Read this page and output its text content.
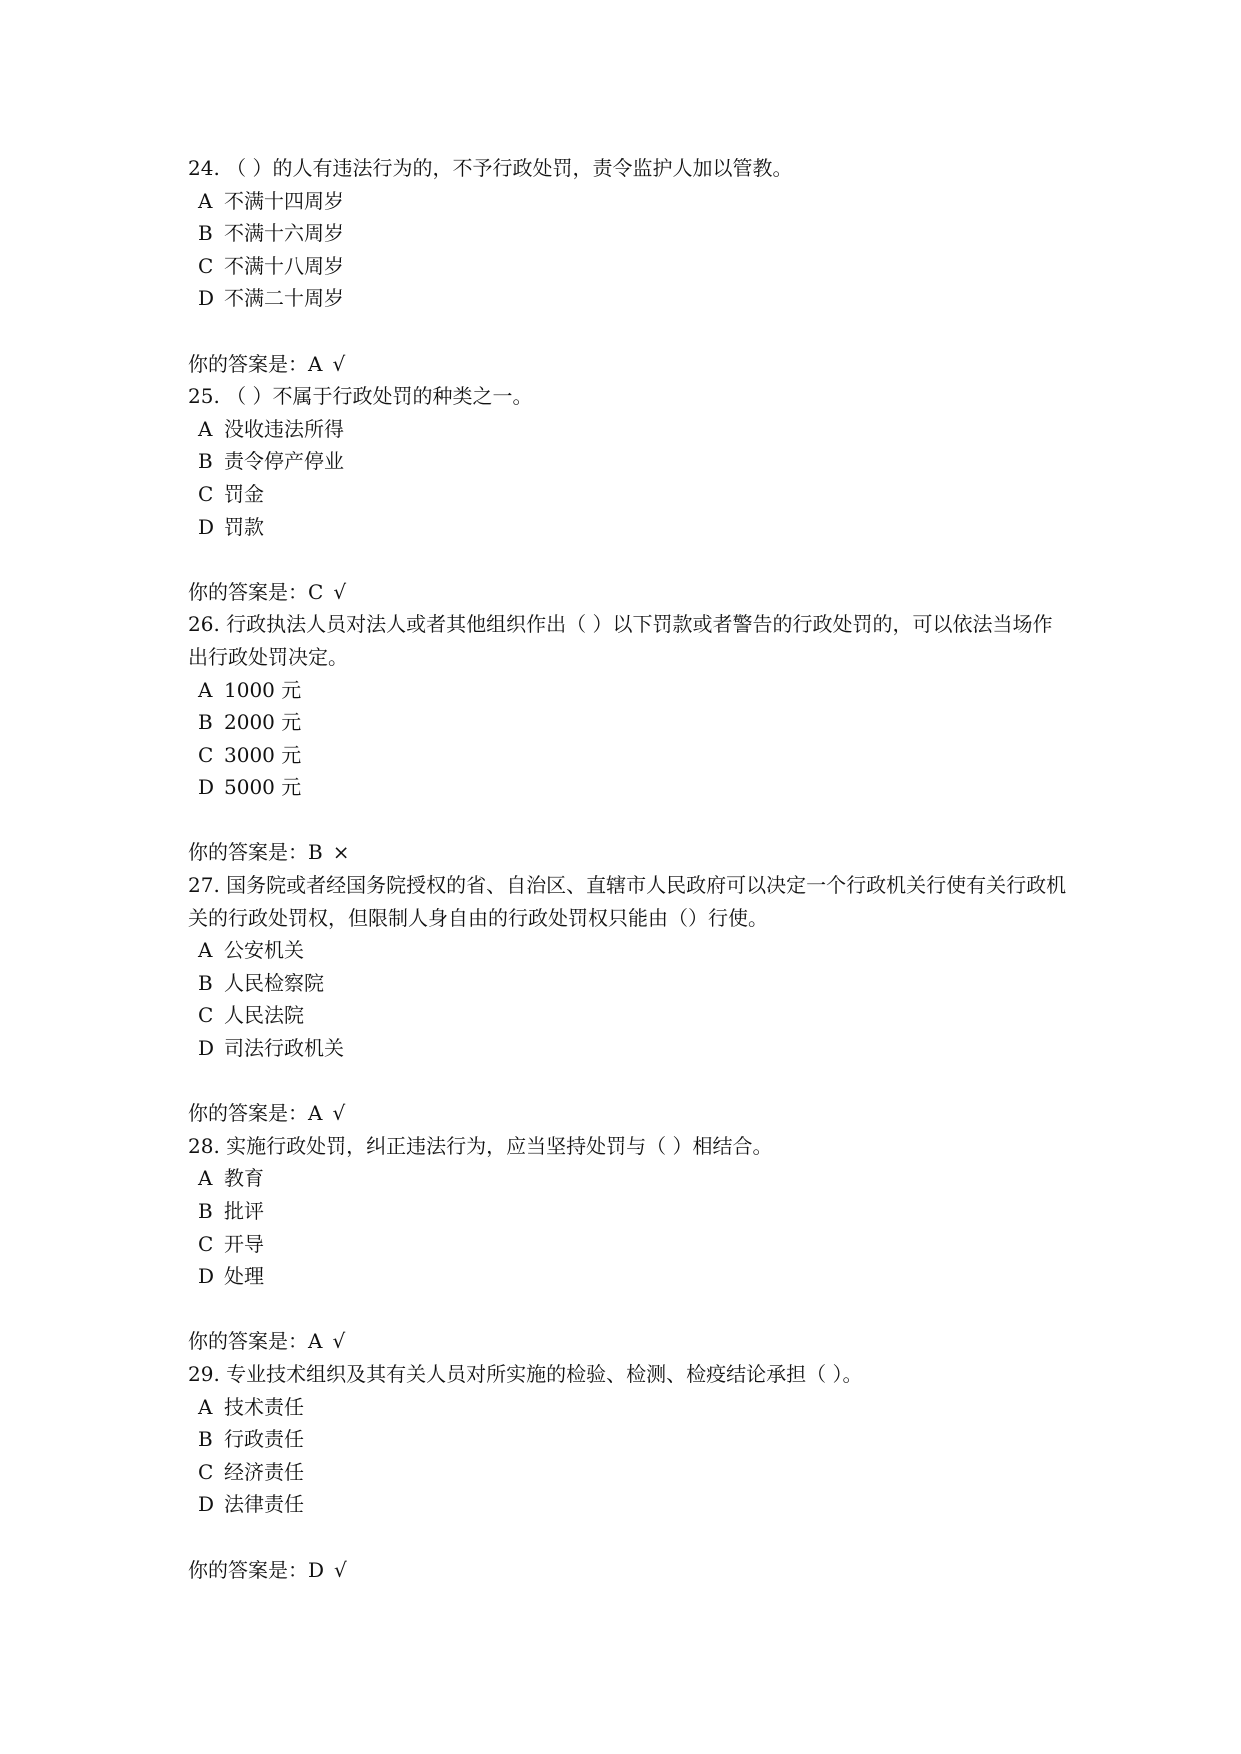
24. （ ）的人有违法行为的，不予行政处罚，责令监护人加以管教。

A 不满十四周岁

B 不满十六周岁

C 不满十八周岁

D 不满二十周岁

你的答案是：A √

25. （ ）不属于行政处罚的种类之一。

A 没收违法所得

B 责令停产停业

C 罚金

D 罚款

你的答案是：C √

26. 行政执法人员对法人或者其他组织作出（ ）以下罚款或者警告的行政处罚的，可以依法当场作出行政处罚决定。

A 1000 元

B 2000 元

C 3000 元

D 5000 元

你的答案是：B ×

27. 国务院或者经国务院授权的省、自治区、直辖市人民政府可以决定一个行政机关行使有关行政机关的行政处罚权，但限制人身自由的行政处罚权只能由（）行使。

A 公安机关

B 人民检察院

C 人民法院

D 司法行政机关

你的答案是：A √

28. 实施行政处罚，纠正违法行为，应当坚持处罚与（ ）相结合。

A 教育

B 批评

C 开导

D 处理

你的答案是：A √

29. 专业技术组织及其有关人员对所实施的检验、检测、检疫结论承担（ ）。

A 技术责任

B 行政责任

C 经济责任

D 法律责任

你的答案是：D √
